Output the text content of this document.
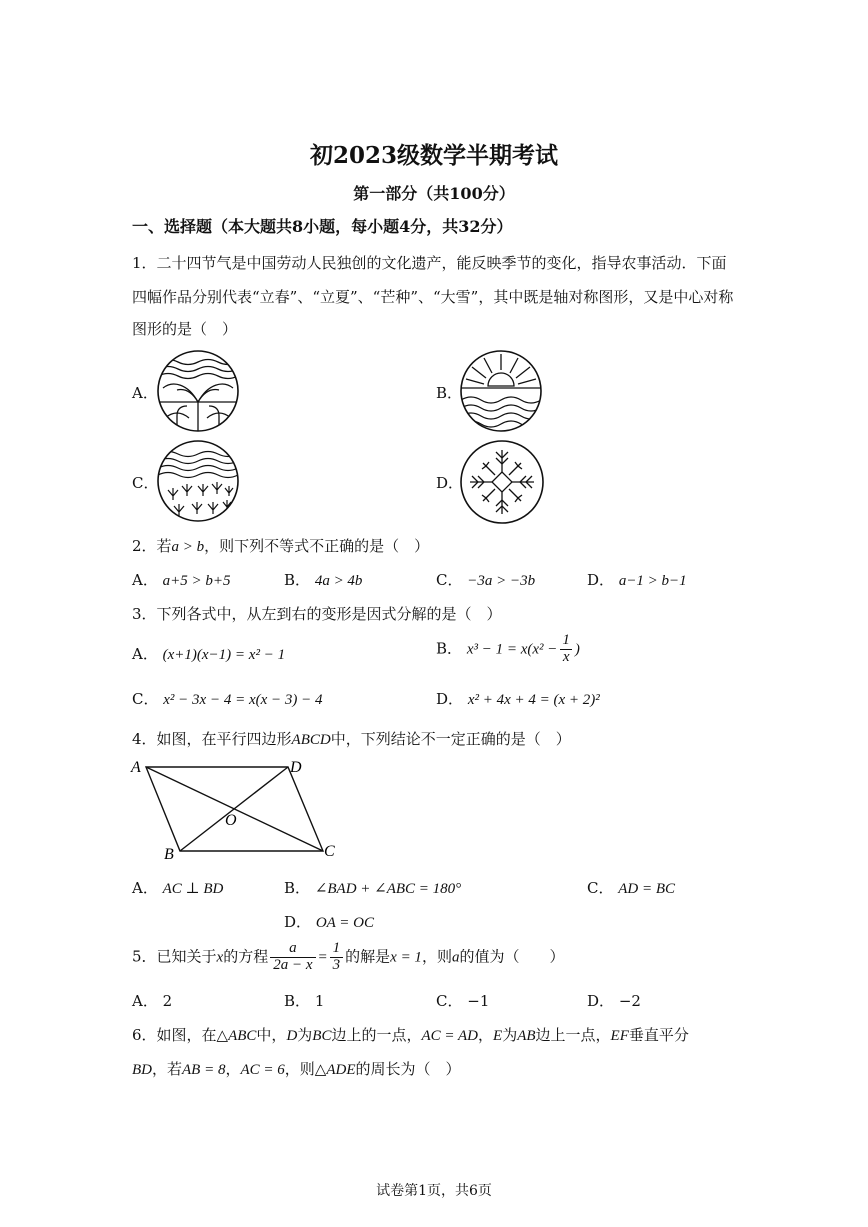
初2023级数学半期考试
第一部分（共100分）
一、选择题（本大题共8小题，每小题4分，共32分）
1．二十四节气是中国劳动人民独创的文化遗产，能反映季节的变化，指导农事活动．下面
四幅作品分别代表“立春”、“立夏”、“芒种”、“大雪”，其中既是轴对称图形，又是中心对称
图形的是（　）
A．	B．
C．	D．
2．若a > b，则下列不等式不正确的是（　）
A． a+5 > b+5	B． 4a > 4b	C． −3a > −3b	D． a−1 > b−1
3．下列各式中，从左到右的变形是因式分解的是（　）
A． (x+1)(x−1) = x² − 1	B． $x^3 - 1 = x(x^2 - \frac{1}{x}$ )
C． x² − 3x − 4 = x(x − 3) − 4	D． x² + 4x + 4 = (x + 2)²
4．如图，在平行四边形ABCD中，下列结论不一定正确的是（　）
A
B	C
D
O
A． AC ⊥ BD	B． ∠BAD + ∠ABC = 180°	C． AD = BC
D． OA = OC
5．已知关于x的方程 $\frac{a}{2a - x} = \frac{1}{3}$ 的解是x = 1，则a的值为（　　）
A． 2	B． 1	C． −1	D． −2
6．如图，在△ABC中，D为BC边上的一点，AC = AD，E为AB边上一点，EF垂直平分
BD，若AB = 8，AC = 6，则△ADE的周长为（　）
试卷第1页，共6页
